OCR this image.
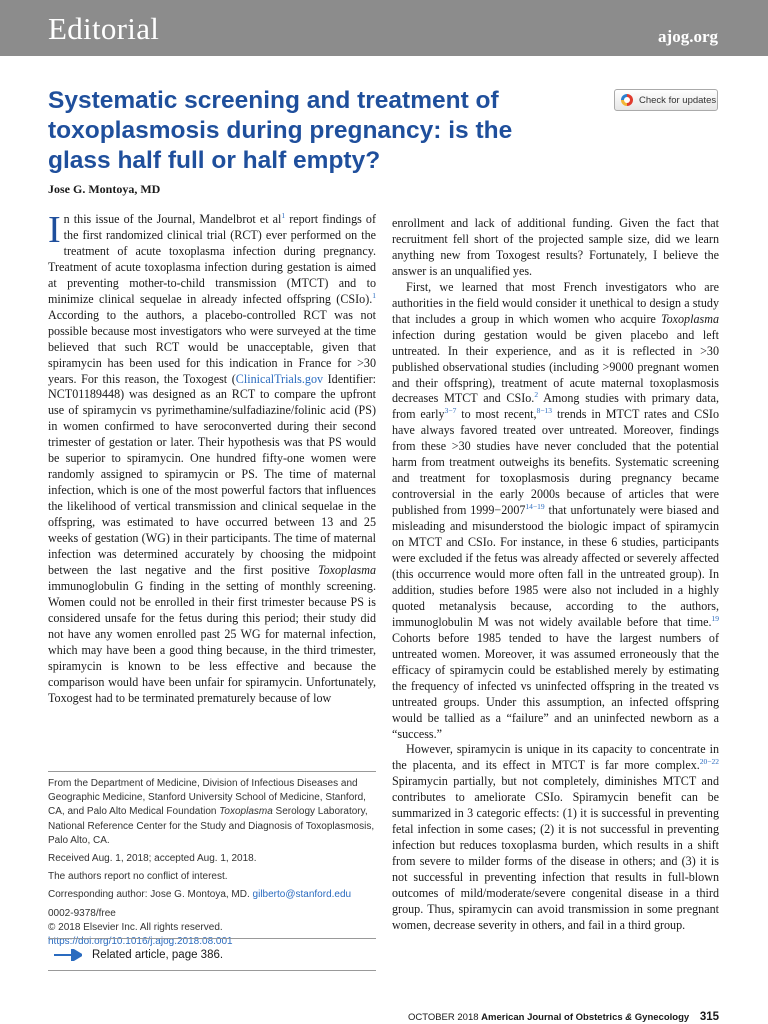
Editorial	ajog.org
Systematic screening and treatment of toxoplasmosis during pregnancy: is the glass half full or half empty?
Check for updates
Jose G. Montoya, MD

In this issue of the Journal, Mandelbrot et $al^1$ report findings of the first randomized clinical trial (RCT) ever performed on the treatment of acute toxoplasma infection during pregnancy. Treatment of acute toxoplasma infection during gestation is aimed at preventing mother-to-child transmission (MTCT) and to minimize clinical sequelae in already infected offspring (CSIo).$^1$ According to the authors, a placebo-controlled RCT was not possible because most investigators who were surveyed at the time believed that such RCT would be unacceptable, given that spiramycin has been used for this indication in France for >30 years. For this reason, the Toxogest (ClinicalTrials.gov Identifier: NCT01189448) was designed as an RCT to compare the upfront use of spiramycin vs pyrimethamine/sulfadiazine/folinic acid (PS) in women confirmed to have seroconverted during their second trimester of gestation or later. Their hypothesis was that PS would be superior to spiramycin. One hundred fifty-one women were randomly assigned to spiramycin or PS. The time of maternal infection, which is one of the most powerful factors that influences the likelihood of vertical transmission and clinical sequelae in the offspring, was estimated to have occurred between 13 and 25 weeks of gestation (WG) in their participants. The time of maternal infection was determined accurately by choosing the midpoint between the last negative and the first positive Toxoplasma immunoglobulin G finding in the setting of monthly screening. Women could not be enrolled in their first trimester because PS is considered unsafe for the fetus during this period; their study did not have any women enrolled past 25 WG for maternal infection, which may have been a good thing because, in the third trimester, spiramycin is known to be less effective and because the comparison would have been unfair for spiramycin. Unfortunately, Toxogest had to be terminated prematurely because of low

enrollment and lack of additional funding. Given the fact that recruitment fell short of the projected sample size, did we learn anything new from Toxogest results? Fortunately, I believe the answer is an unqualified yes.

First, we learned that most French investigators who are authorities in the field would consider it unethical to design a study that includes a group in which women who acquire Toxoplasma infection during gestation would be given placebo and left untreated. In their experience, and as it is reflected in >30 published observational studies (including >9000 pregnant women and their offspring), treatment of acute maternal toxoplasmosis decreases MTCT and CSIo.$^2$ Among studies with primary data, from early$^{3-7}$ to most recent,$^{8-13}$ trends in MTCT rates and CSIo have always favored treated over untreated. Moreover, findings from these >30 studies have never concluded that the potential harm from treatment outweighs its benefits. Systematic screening and treatment for toxoplasmosis during pregnancy became controversial in the early 2000s because of articles that were published from $1999-2007^{14-19}$ that unfortunately were biased and misleading and misunderstood the biologic impact of spiramycin on MTCT and CSIo. For instance, in these 6 studies, participants were excluded if the fetus was already affected or severely affected (this occurrence would more often fall in the untreated group). In addition, studies before 1985 were also not included in a highly quoted metanalysis because, according to the authors, immunoglobulin M was not widely available before that time.$^{19}$ Cohorts before 1985 tended to have the largest numbers of untreated women. Moreover, it was assumed erroneously that the efficacy of spiramycin could be established merely by estimating the frequency of infected vs uninfected offspring in the treated vs untreated groups. Under this assumption, an infected offspring would be tallied as a “failure” and an uninfected newborn as a “success.”

However, spiramycin is unique in its capacity to concentrate in the placenta, and its effect in MTCT is far more complex.$^{20-22}$ Spiramycin partially, but not completely, diminishes MTCT and contributes to ameliorate CSIo. Spiramycin benefit can be summarized in 3 categoric effects: (1) it is successful in preventing fetal infection in some cases; (2) it is not successful in preventing infection but reduces toxoplasma burden, which results in a shift from severe to milder forms of the disease in others; and (3) it is not successful in preventing infection that results in full-blown outcomes of mild/moderate/severe congenital disease in a third group. Thus, spiramycin can avoid transmission in some pregnant women, decrease severity in others, and fail in a third group.

From the Department of Medicine, Division of Infectious Diseases and Geographic Medicine, Stanford University School of Medicine, Stanford, CA, and Palo Alto Medical Foundation Toxoplasma Serology Laboratory, National Reference Center for the Study and Diagnosis of Toxoplasmosis, Palo Alto, CA.

Received Aug. 1, 2018; accepted Aug. 1, 2018.

The authors report no conflict of interest.

Corresponding author: Jose G. Montoya, MD. gilberto@stanford.edu

0002-9378/free

© 2018 Elsevier Inc. All rights reserved.

https://doi.org/10.1016/j.ajog.2018.08.001

Related article, page 386.
OCTOBER 2018 American Journal of Obstetrics & Gynecology 315
